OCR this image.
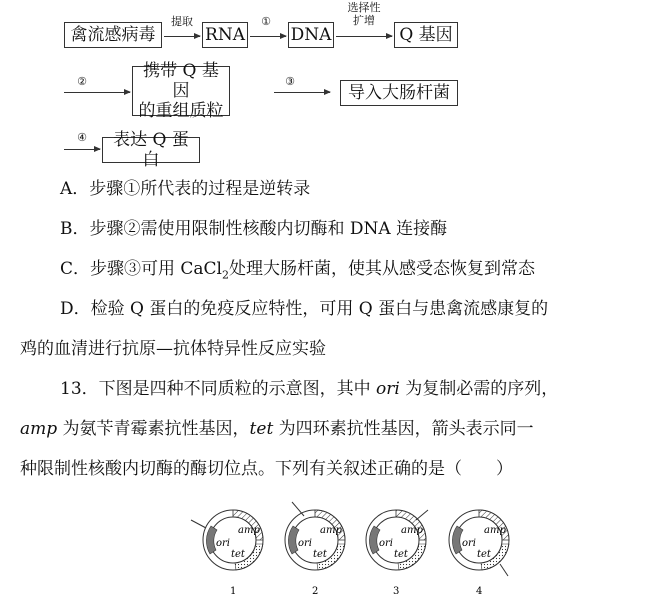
禽流感病毒
提取
RNA
①
DNA
选择性
扩增
Q 基因
②
携带 Q 基因
的重组质粒
③
导入大肠杆菌
④	表达 Q 蛋白
A．步骤①所代表的过程是逆转录
B．步骤②需使用限制性核酸内切酶和 DNA 连接酶
C．步骤③可用 CaCl$_2$处理大肠杆菌，使其从感受态恢复到常态
D．检验 Q 蛋白的免疫反应特性，可用 Q 蛋白与患禽流感康复的
鸡的血清进行抗原—抗体特异性反应实验
13．下图是四种不同质粒的示意图，其中 ori 为复制必需的序列，
amp 为氨苄青霉素抗性基因，tet 为四环素抗性基因，箭头表示同一
种限制性核酸内切酶的酶切位点。下列有关叙述正确的是（　　）
amp
ori
tet
1
amp
ori
tet
2
amp
ori
tet
3
amp
ori
tet
4
